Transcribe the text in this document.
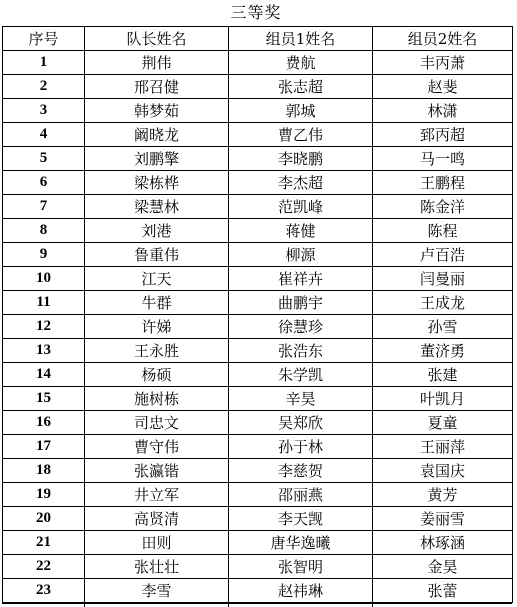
三等奖
序号	队长姓名	组员1姓名	组员2姓名
1	荆伟	费航	丰丙萧
2	邢召健	张志超	赵斐
3	韩梦茹	郭城	林潇
4	阚晓龙	曹乙伟	郅丙超
5	刘鹏擎	李晓鹏	马一鸣
6	梁栋桦	李杰超	王鹏程
7	梁慧林	范凯峰	陈金洋
8	刘港	蒋健	陈程
9	鲁重伟	柳源	卢百浩
10	江天	崔祥卉	闫曼丽
11	牛群	曲鹏宇	王成龙
12	许娣	徐慧珍	孙雪
13	王永胜	张浩东	董济勇
14	杨硕	朱学凯	张建
15	施树栋	辛昊	叶凯月
16	司忠文	吴郑欣	夏童
17	曹守伟	孙于林	王丽萍
18	张瀛锴	李慈贺	袁国庆
19	井立军	邵丽燕	黄芳
20	高贤清	李天觊	姜丽雪
21	田则	唐华逸曦	林琢涵
22	张壮壮	张智明	金昊
23	李雪	赵祎琳	张蕾
